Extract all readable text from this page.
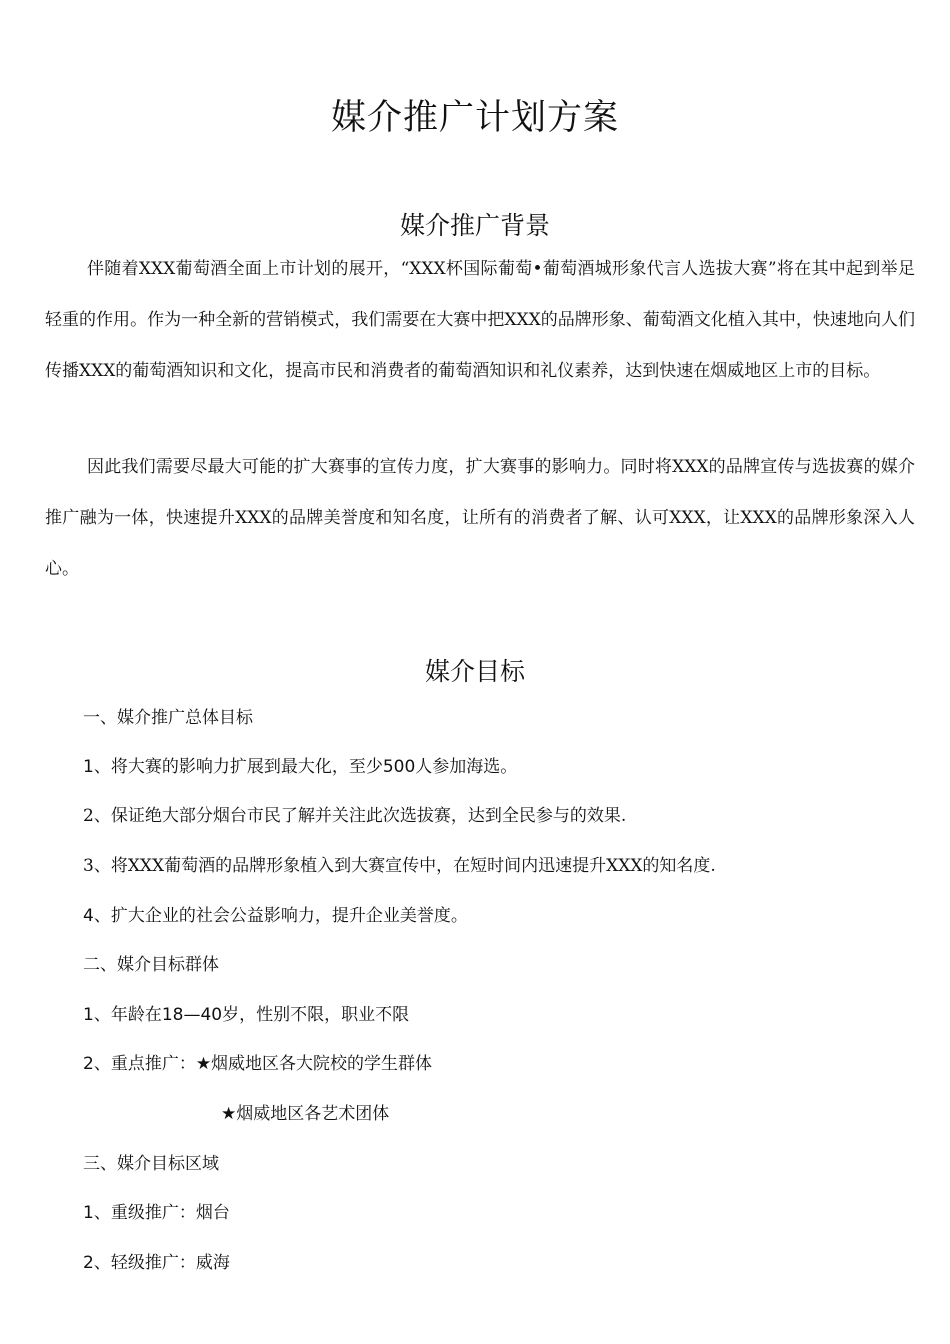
媒介推广计划方案
媒介推广背景
伴随着XXX葡萄酒全面上市计划的展开，“XXX杯国际葡萄•葡萄酒城形象代言人选拔大赛”将在其中起到举足轻重的作用。作为一种全新的营销模式，我们需要在大赛中把XXX的品牌形象、葡萄酒文化植入其中，快速地向人们传播XXX的葡萄酒知识和文化，提高市民和消费者的葡萄酒知识和礼仪素养，达到快速在烟威地区上市的目标。
因此我们需要尽最大可能的扩大赛事的宣传力度，扩大赛事的影响力。同时将XXX的品牌宣传与选拔赛的媒介推广融为一体，快速提升XXX的品牌美誉度和知名度，让所有的消费者了解、认可XXX，让XXX的品牌形象深入人心。
媒介目标
一、媒介推广总体目标
1、将大赛的影响力扩展到最大化，至少500人参加海选。
2、保证绝大部分烟台市民了解并关注此次选拔赛，达到全民参与的效果.
3、将XXX葡萄酒的品牌形象植入到大赛宣传中，在短时间内迅速提升XXX的知名度.
4、扩大企业的社会公益影响力，提升企业美誉度。
二、媒介目标群体
1、年龄在18—40岁，性别不限，职业不限
2、重点推广：★烟威地区各大院校的学生群体
★烟威地区各艺术团体
三、媒介目标区域
1、重级推广：烟台
2、轻级推广：威海
